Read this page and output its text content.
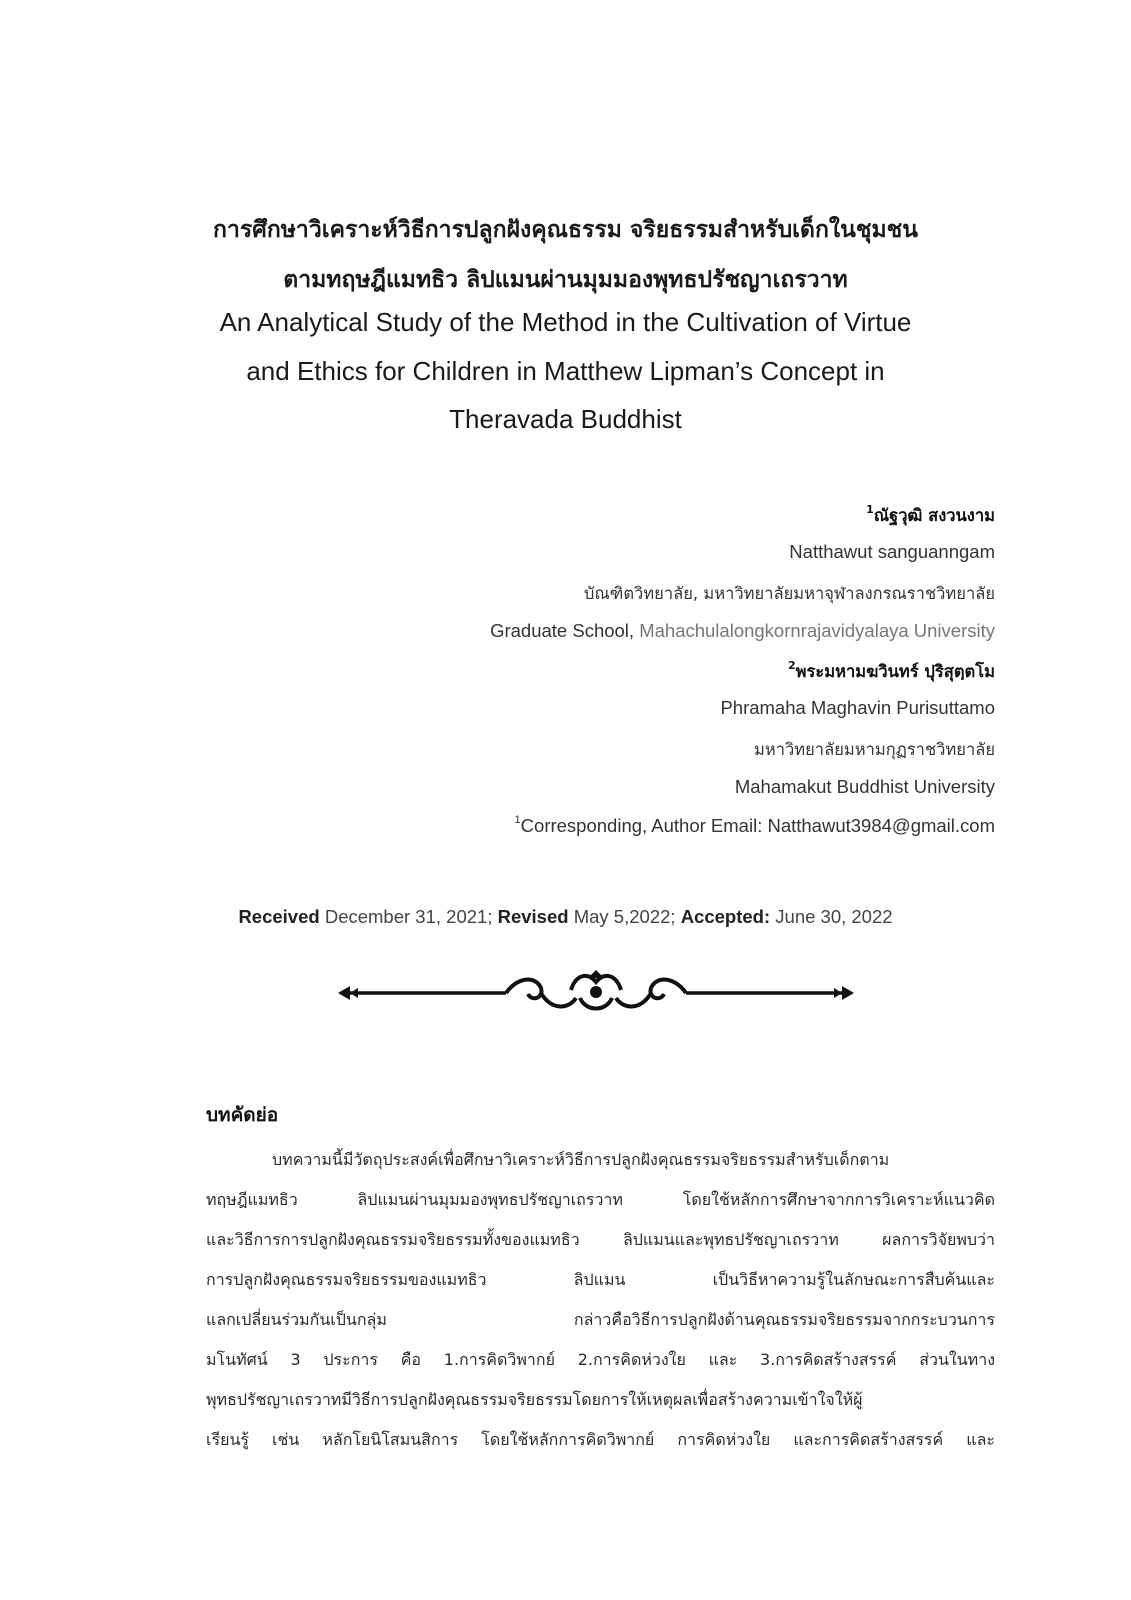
การศึกษาวิเคราะห์วิธีการปลูกฝังคุณธรรม จริยธรรมสำหรับเด็กในชุมชน
ตามทฤษฎีแมทธิว ลิปแมนผ่านมุมมองพุทธปรัชญาเถรวาท
An Analytical Study of the Method in the Cultivation of Virtue
and Ethics for Children in Matthew Lipman’s Concept in
Theravada Buddhist
$^1$ณัฐวุฒิ สงวนงาม
Natthawut sanguanngam
บัณฑิตวิทยาลัย, มหาวิทยาลัยมหาจุฬาลงกรณราชวิทยาลัย
Graduate School, Mahachulalongkornrajavidyalaya University
$^2$พระมหามฆวินทร์ ปุริสุตฺตโม
Phramaha Maghavin Purisuttamo
มหาวิทยาลัยมหามกุฏราชวิทยาลัย
Mahamakut Buddhist University
$^1$Corresponding, Author Email: Natthawut3984@gmail.com
Received December 31, 2021; Revised May 5,2022; Accepted: June 30, 2022
บทคัดย่อ
บทความนี้มีวัตถุประสงค์เพื่อศึกษาวิเคราะห์วิธีการปลูกฝังคุณธรรมจริยธรรมสำหรับเด็กตาม
ทฤษฎีแมทธิว ลิปแมนผ่านมุมมองพุทธปรัชญาเถรวาท โดยใช้หลักการศึกษาจากการวิเคราะห์แนวคิด
และวิธีการการปลูกฝังคุณธรรมจริยธรรมทั้งของแมทธิว ลิปแมนและพุทธปรัชญาเถรวาท ผลการวิจัยพบว่า
การปลูกฝังคุณธรรมจริยธรรมของแมทธิว ลิปแมน เป็นวิธีหาความรู้ในลักษณะการสืบค้นและ
แลกเปลี่ยนร่วมกันเป็นกลุ่ม กล่าวคือวิธีการปลูกฝังด้านคุณธรรมจริยธรรมจากกระบวนการ
มโนทัศน์ 3 ประการ คือ 1.การคิดวิพากย์ 2.การคิดห่วงใย และ 3.การคิดสร้างสรรค์ ส่วนในทาง
พุทธปรัชญาเถรวาทมีวิธีการปลูกฝังคุณธรรมจริยธรรมโดยการให้เหตุผลเพื่อสร้างความเข้าใจให้ผู้
เรียนรู้ เช่น หลักโยนิโสมนสิการ โดยใช้หลักการคิดวิพากย์ การคิดห่วงใย และการคิดสร้างสรรค์ และ
